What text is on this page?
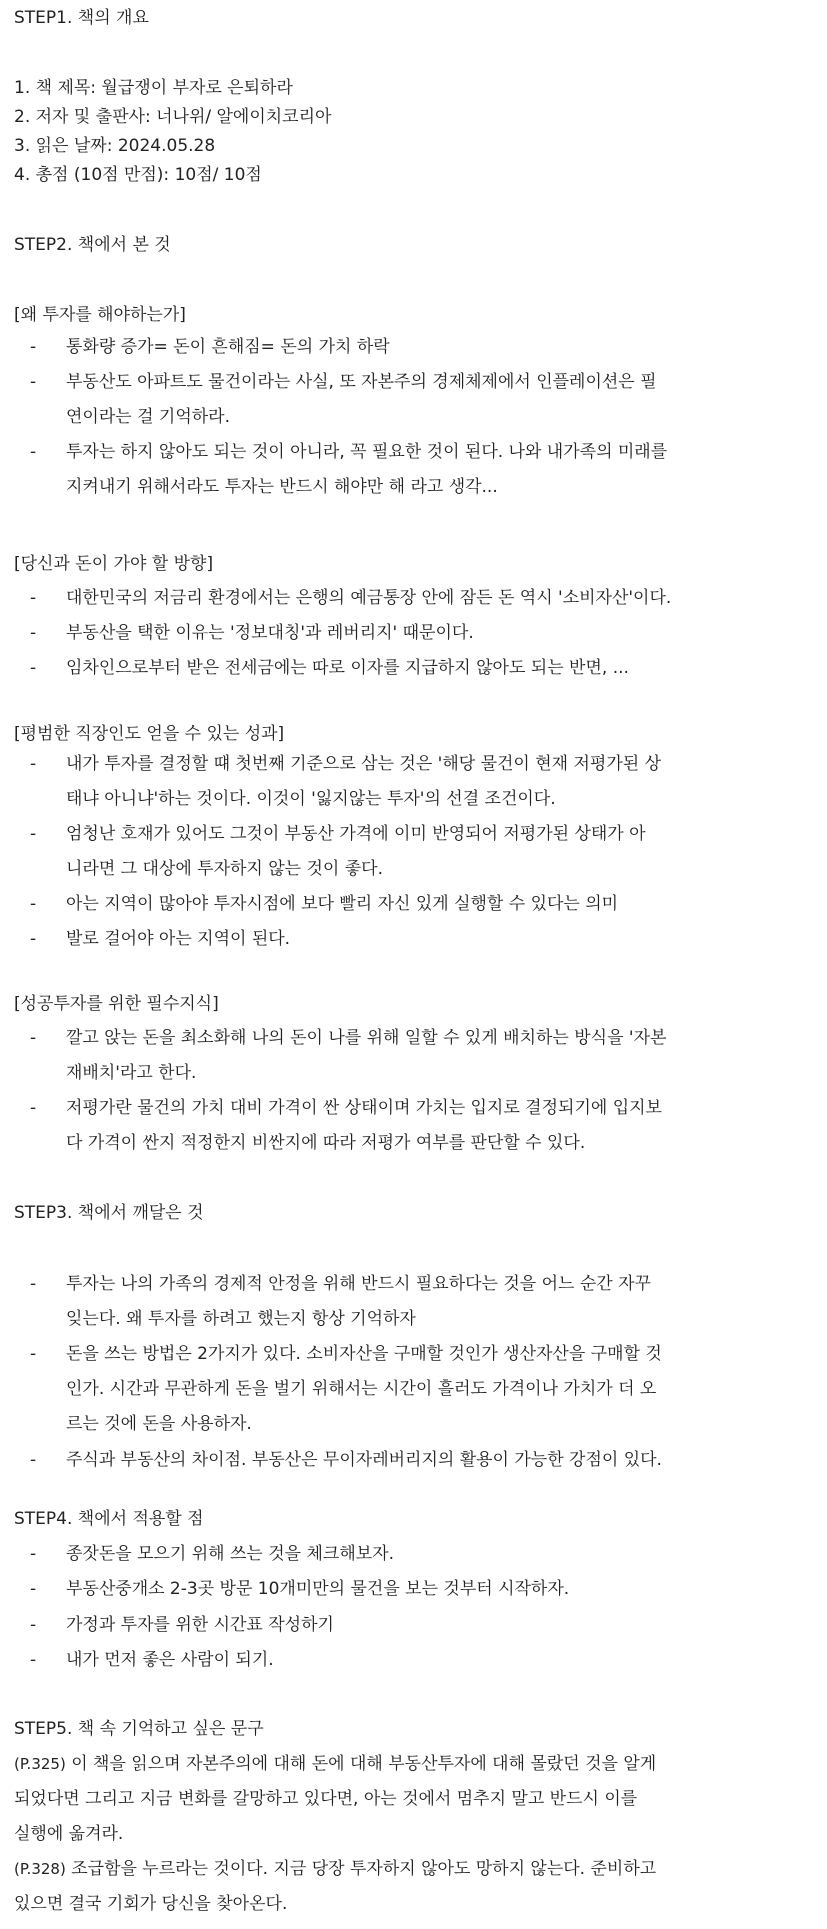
STEP1. 책의 개요
1. 책 제목: 월급쟁이 부자로 은퇴하라
2. 저자 및 출판사: 너나위/ 알에이치코리아
3. 읽은 날짜: 2024.05.28
4. 총점 (10점 만점): 10점/ 10점
STEP2. 책에서 본 것
[왜 투자를 해야하는가]
- 통화량 증가= 돈이 흔해짐= 돈의 가치 하락
- 부동산도 아파트도 물건이라는 사실, 또 자본주의 경제체제에서 인플레이션은 필
연이라는 걸 기억하라.
- 투자는 하지 않아도 되는 것이 아니라, 꼭 필요한 것이 된다. 나와 내가족의 미래를
지켜내기 위해서라도 투자는 반드시 해야만 해 라고 생각...
[당신과 돈이 가야 할 방향]
- 대한민국의 저금리 환경에서는 은행의 예금통장 안에 잠든 돈 역시 '소비자산'이다.
- 부동산을 택한 이유는 '정보대칭'과 레버리지' 때문이다.
- 임차인으로부터 받은 전세금에는 따로 이자를 지급하지 않아도 되는 반면, ...
[평범한 직장인도 얻을 수 있는 성과]
- 내가 투자를 결정할 떄 첫번째 기준으로 삼는 것은 '해당 물건이 현재 저평가된 상
태냐 아니냐'하는 것이다. 이것이 '잃지않는 투자'의 선결 조건이다.
- 엄청난 호재가 있어도 그것이 부동산 가격에 이미 반영되어 저평가된 상태가 아
니라면 그 대상에 투자하지 않는 것이 좋다.
- 아는 지역이 많아야 투자시점에 보다 빨리 자신 있게 실행할 수 있다는 의미
- 발로 걸어야 아는 지역이 된다.
[성공투자를 위한 필수지식]
- 깔고 앉는 돈을 최소화해 나의 돈이 나를 위해 일할 수 있게 배치하는 방식을 '자본
재배치'라고 한다.
- 저평가란 물건의 가치 대비 가격이 싼 상태이며 가치는 입지로 결정되기에 입지보
다 가격이 싼지 적정한지 비싼지에 따라 저평가 여부를 판단할 수 있다.
STEP3. 책에서 깨달은 것
- 투자는 나의 가족의 경제적 안정을 위해 반드시 필요하다는 것을 어느 순간 자꾸
잊는다. 왜 투자를 하려고 했는지 항상 기억하자
- 돈을 쓰는 방법은 2가지가 있다. 소비자산을 구매할 것인가 생산자산을 구매할 것
인가. 시간과 무관하게 돈을 벌기 위해서는 시간이 흘러도 가격이나 가치가 더 오
르는 것에 돈을 사용하자.
- 주식과 부동산의 차이점. 부동산은 무이자레버리지의 활용이 가능한 강점이 있다.
STEP4. 책에서 적용할 점
- 종잣돈을 모으기 위해 쓰는 것을 체크해보자.
- 부동산중개소 2-3곳 방문 10개미만의 물건을 보는 것부터 시작하자.
- 가정과 투자를 위한 시간표 작성하기
- 내가 먼저 좋은 사람이 되기.
STEP5. 책 속 기억하고 싶은 문구
(P.325) 이 책을 읽으며 자본주의에 대해 돈에 대해 부동산투자에 대해 몰랐던 것을 알게
되었다면 그리고 지금 변화를 갈망하고 있다면, 아는 것에서 멈추지 말고 반드시 이를
실행에 옮겨라.
(P.328) 조급함을 누르라는 것이다. 지금 당장 투자하지 않아도 망하지 않는다. 준비하고
있으면 결국 기회가 당신을 찾아온다.
